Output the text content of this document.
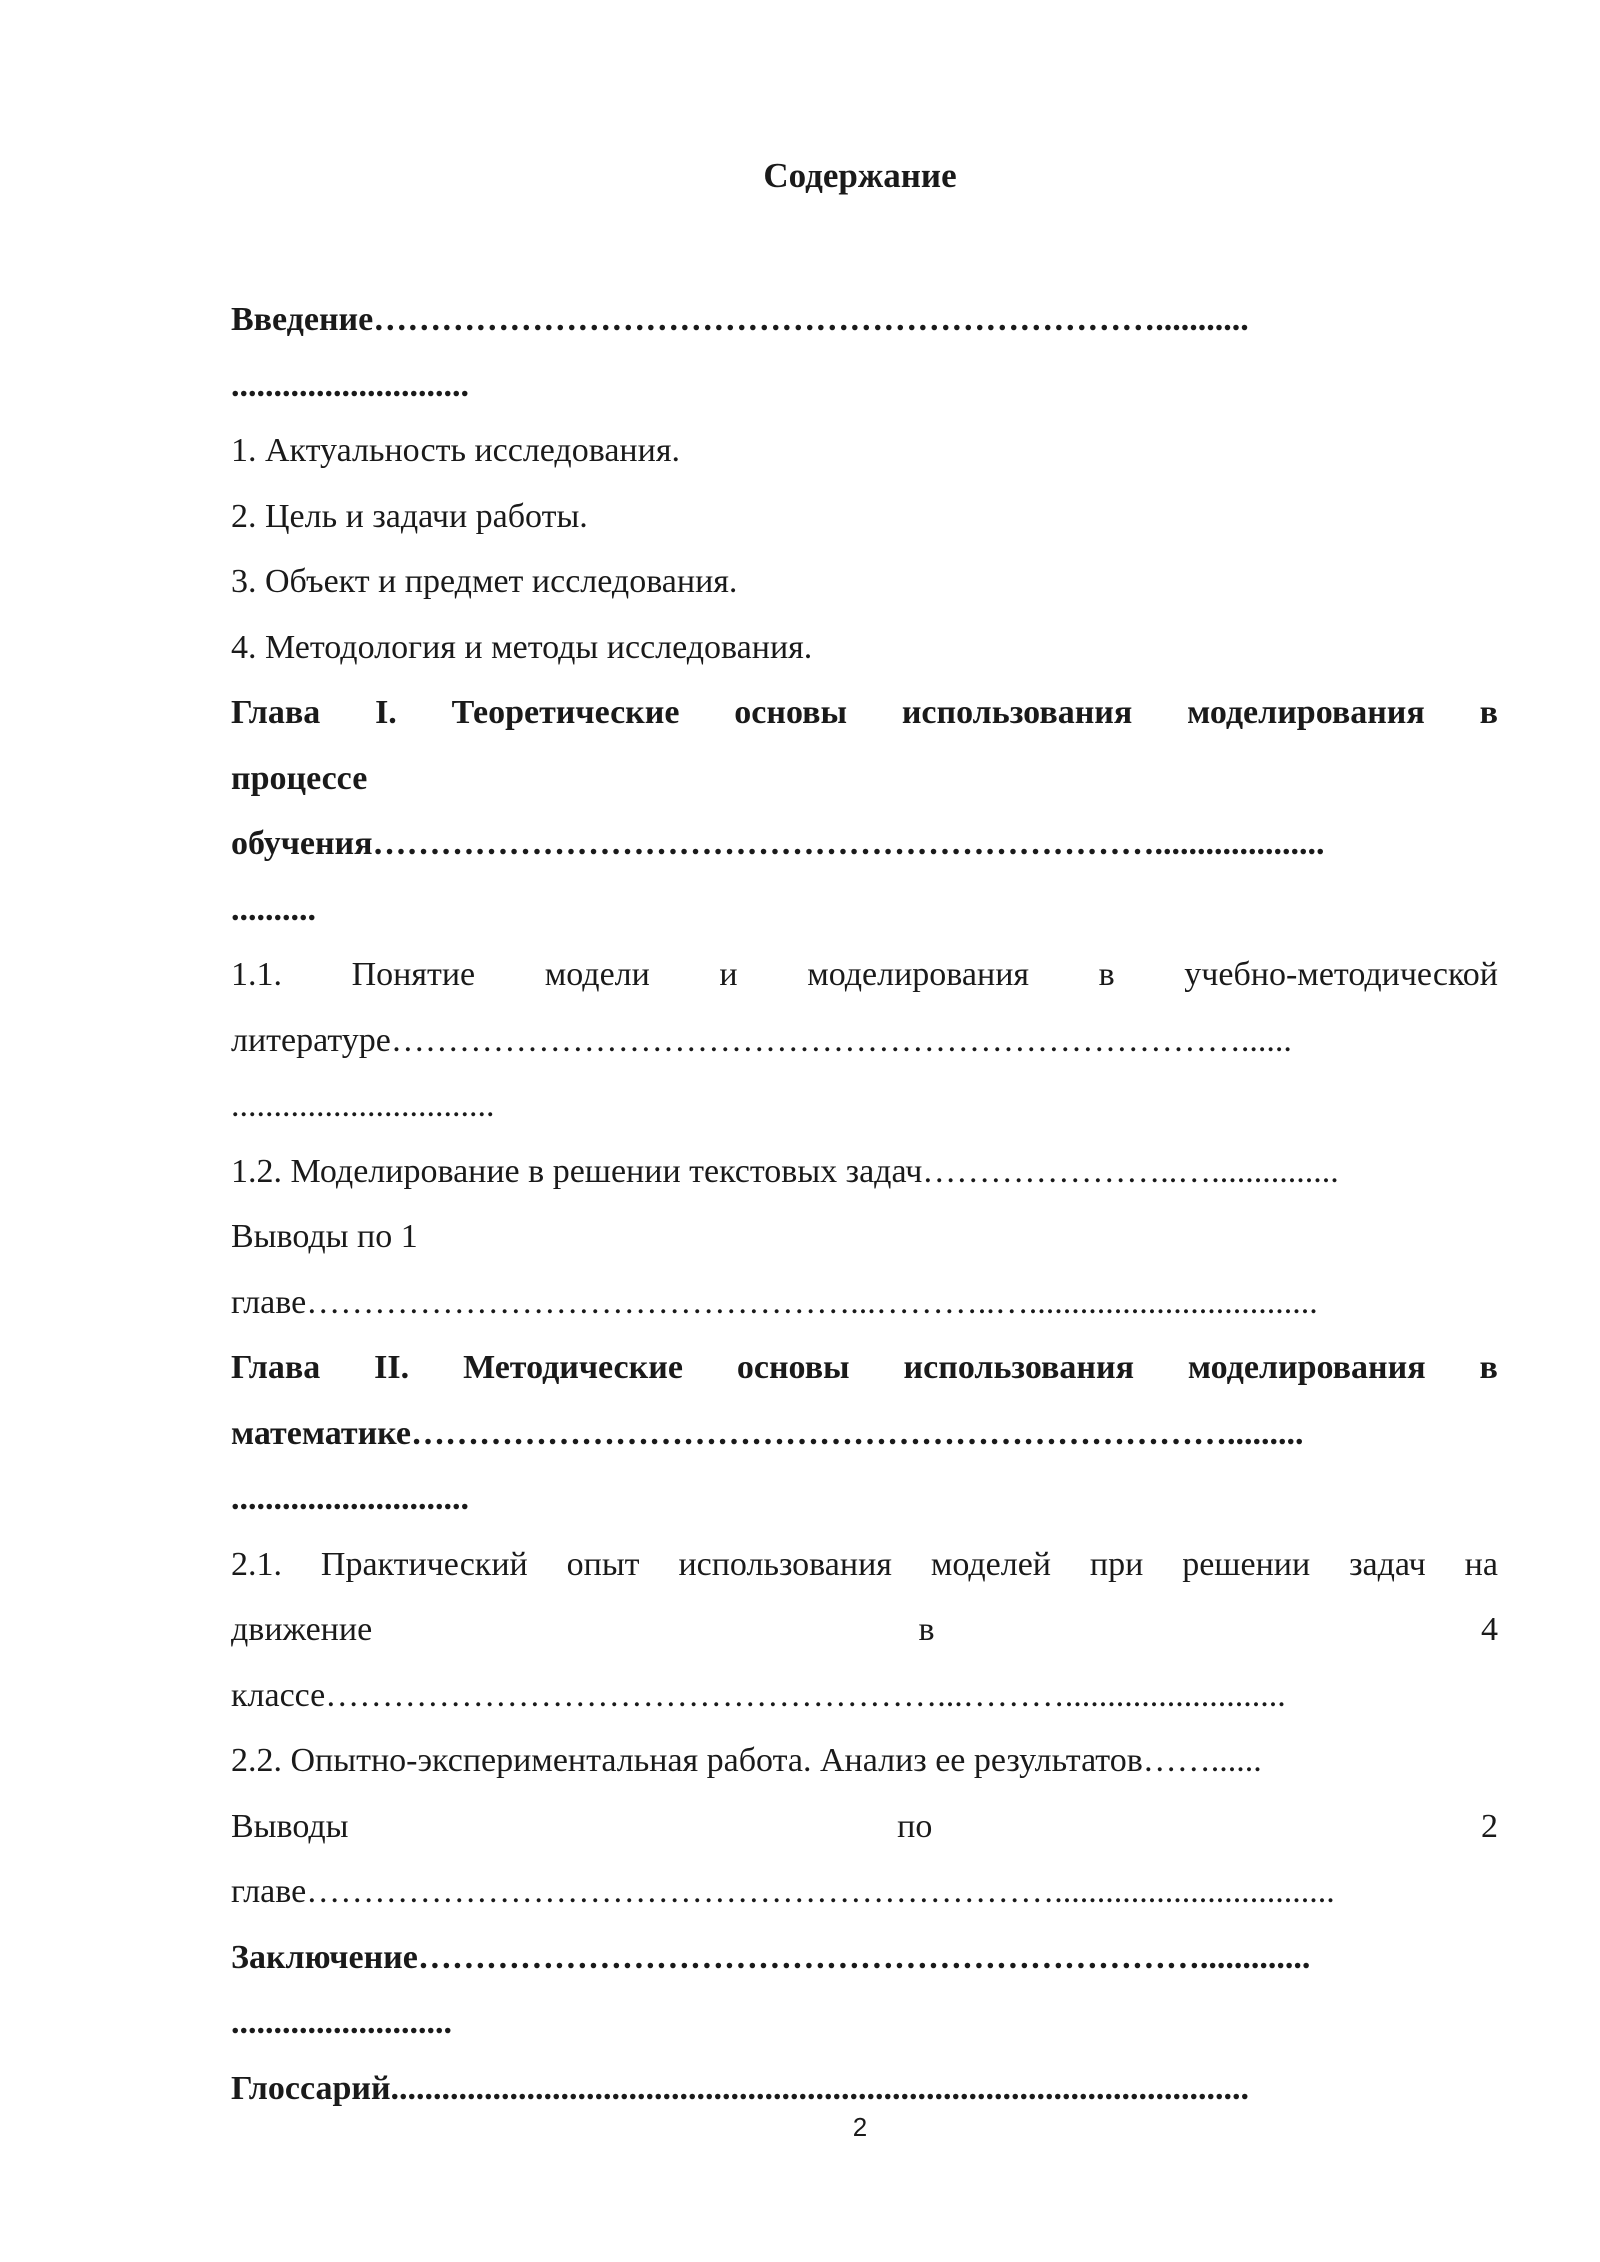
Содержание
Введение……………………………………………………………...........
............................
1. Актуальность исследования.
2. Цель и задачи работы.
3. Объект и предмет исследования.
4. Методология и методы исследования.
Глава I. Теоретические основы использования моделирования в
процессе
обучения……………………………………………………………....................
..........
1.1. Понятие модели и моделирования в учебно-методической
литературе…………………………………………………………………......
...............................
1.2. Моделирование в решении текстовых задач…………………..…...............
Выводы по 1
главе…………………………………………...………..…..................................
Глава II. Методические основы использования моделирования в
математике……………………………………………………………….........
............................
2.1. Практический опыт использования моделей при решении задач на
движение	в	4
классе………………………………………………...………..........................
2.2. Опытно-экспериментальная работа. Анализ ее результатов……......
Выводы	по	2
главе………………………………………………………….................................
Заключение…………………………………………………………….............
..........................
Глоссарий.....................................................................................................
2
